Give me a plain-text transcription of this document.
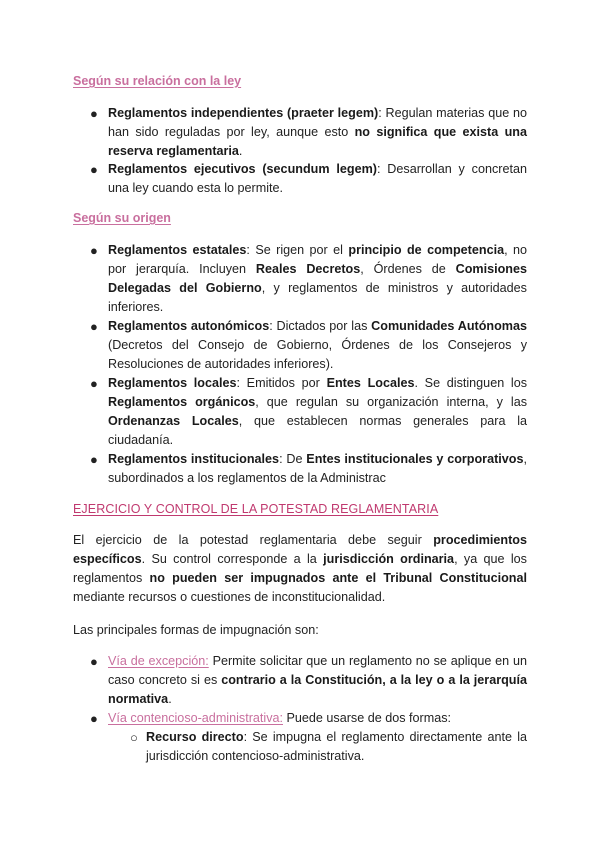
Según su relación con la ley
● Reglamentos independientes (praeter legem): Regulan materias que no han sido reguladas por ley, aunque esto no significa que exista una reserva reglamentaria.
● Reglamentos ejecutivos (secundum legem): Desarrollan y concretan una ley cuando esta lo permite.
Según su origen
● Reglamentos estatales: Se rigen por el principio de competencia, no por jerarquía. Incluyen Reales Decretos, Órdenes de Comisiones Delegadas del Gobierno, y reglamentos de ministros y autoridades inferiores.
● Reglamentos autonómicos: Dictados por las Comunidades Autónomas (Decretos del Consejo de Gobierno, Órdenes de los Consejeros y Resoluciones de autoridades inferiores).
● Reglamentos locales: Emitidos por Entes Locales. Se distinguen los Reglamentos orgánicos, que regulan su organización interna, y las Ordenanzas Locales, que establecen normas generales para la ciudadanía.
● Reglamentos institucionales: De Entes institucionales y corporativos, subordinados a los reglamentos de la Administrac
EJERCICIO Y CONTROL DE LA POTESTAD REGLAMENTARIA
El ejercicio de la potestad reglamentaria debe seguir procedimientos específicos. Su control corresponde a la jurisdicción ordinaria, ya que los reglamentos no pueden ser impugnados ante el Tribunal Constitucional mediante recursos o cuestiones de inconstitucionalidad.
Las principales formas de impugnación son:
● Vía de excepción: Permite solicitar que un reglamento no se aplique en un caso concreto si es contrario a la Constitución, a la ley o a la jerarquía normativa.
● Vía contencioso-administrativa: Puede usarse de dos formas:
○ Recurso directo: Se impugna el reglamento directamente ante la jurisdicción contencioso-administrativa.
